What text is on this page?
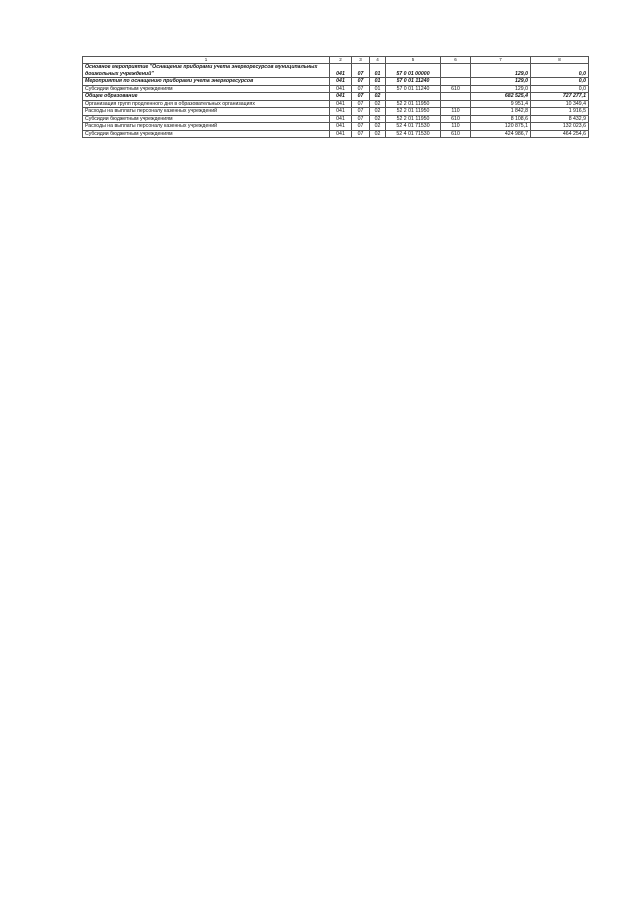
1	2	3	4	5	6	7	8
Основное мероприятие "Оснащение приборами учета энергоресурсов муниципальных дошкольных учреждений"	041	07	01	57 0 01 00000		129,0	0,0
Мероприятия по оснащению приборами учета энергоресурсов	041	07	01	57 0 01 11240		129,0	0,0
Субсидии бюджетным учреждениям	041	07	01	57 0 01 11240	610	129,0	0,0
Общее образование	041	07	02			682 525,4	727 277,1
Организация групп продленного дня в образовательных организациях	041	07	02	52 2 01 11950		9 951,4	10 349,4
Расходы на выплаты персоналу казенных учреждений	041	07	02	52 2 01 11950	110	1 842,8	1 916,5
Субсидии бюджетным учреждениям	041	07	02	52 2 01 11950	610	8 108,6	8 432,9
Расходы на выплаты персоналу казенных учреждений	041	07	02	52 4 01 71530	110	120 875,1	132 023,6
Субсидии бюджетным учреждениям	041	07	02	52 4 01 71530	610	424 986,7	464 254,6
